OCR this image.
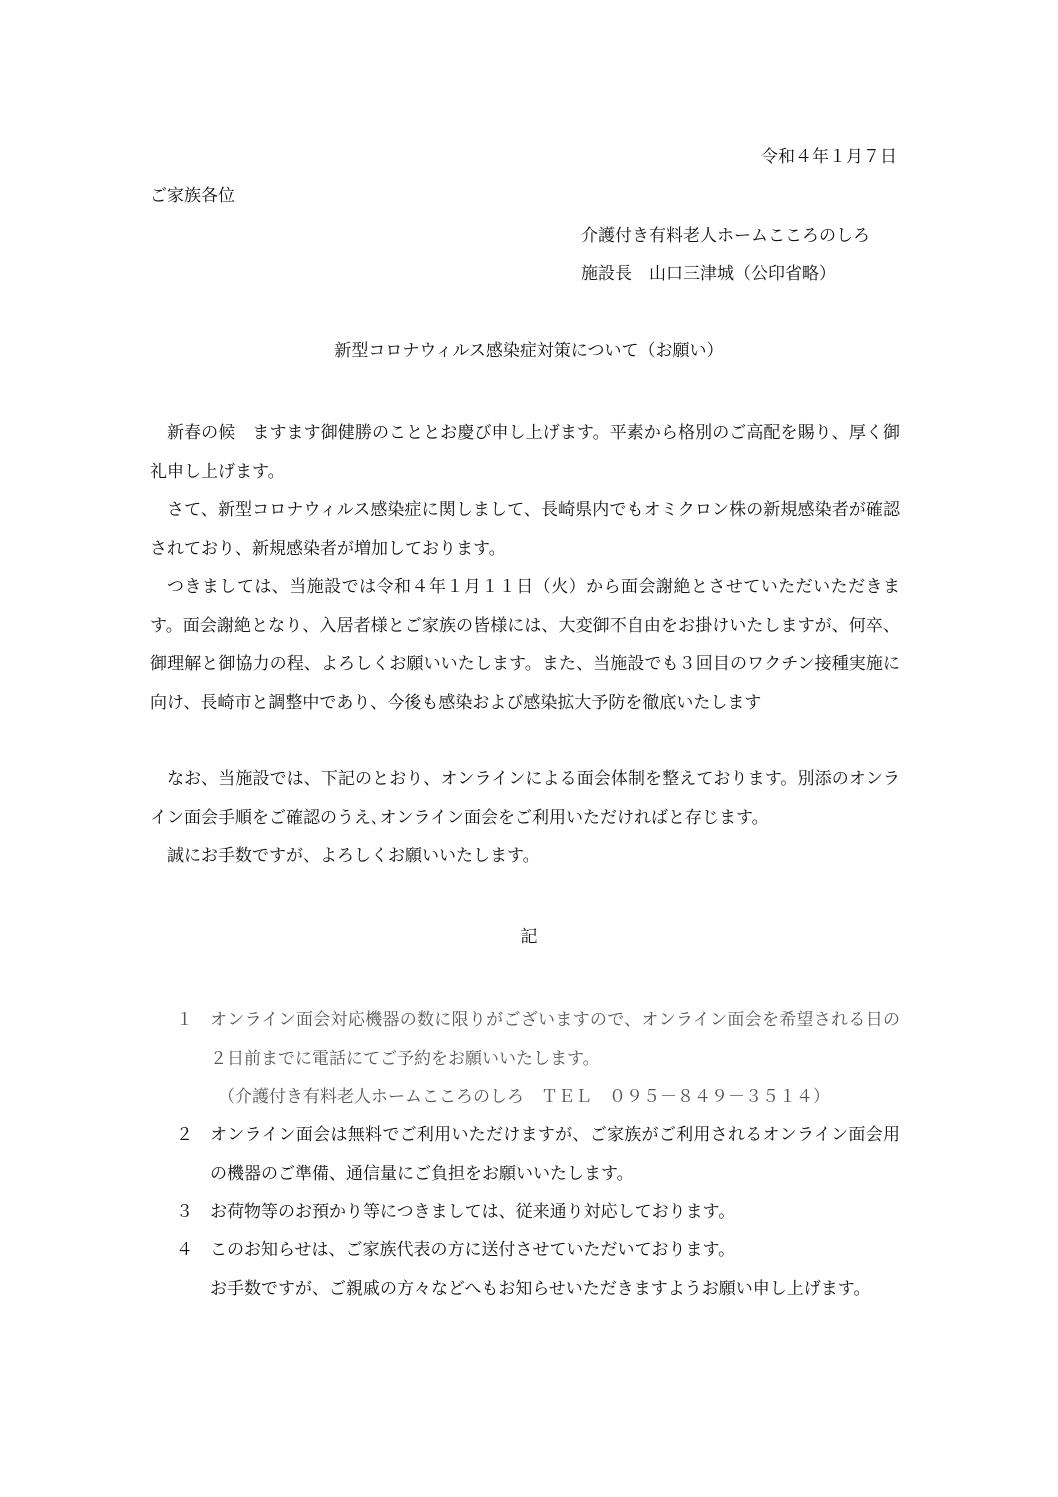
令和４年１月７日

ご家族各位

介護付き有料老人ホームこころのしろ

施設長　山口三津城（公印省略）

新型コロナウィルス感染症対策について（お願い）

新春の候　ますます御健勝のこととお慶び申し上げます。平素から格別のご高配を賜り、厚く御礼申し上げます。

さて、新型コロナウィルス感染症に関しまして、長崎県内でもオミクロン株の新規感染者が確認されており、新規感染者が増加しております。

つきましては、当施設では令和４年１月１１日（火）から面会謝絶とさせていただいただきます。面会謝絶となり、入居者様とご家族の皆様には、大変御不自由をお掛けいたしますが、何卒、御理解と御協力の程、よろしくお願いいたします。また、当施設でも３回目のワクチン接種実施に向け、長崎市と調整中であり、今後も感染および感染拡大予防を徹底いたします

なお、当施設では、下記のとおり、オンラインによる面会体制を整えております。別添のオンライン面会手順をご確認のうえ､オンライン面会をご利用いただければと存じます。

誠にお手数ですが、よろしくお願いいたします。

記

１ オンライン面会対応機器の数に限りがございますので、オンライン面会を希望される日の２日前までに電話にてご予約をお願いいたします。

（介護付き有料老人ホームこころのしろ　ＴＥＬ　０９５－８４９－３５１４）

２ オンライン面会は無料でご利用いただけますが、ご家族がご利用されるオンライン面会用の機器のご準備、通信量にご負担をお願いいたします。
３ お荷物等のお預かり等につきましては、従来通り対応しております。
４ このお知らせは、ご家族代表の方に送付させていただいております。
お手数ですが、ご親戚の方々などへもお知らせいただきますようお願い申し上げます。
